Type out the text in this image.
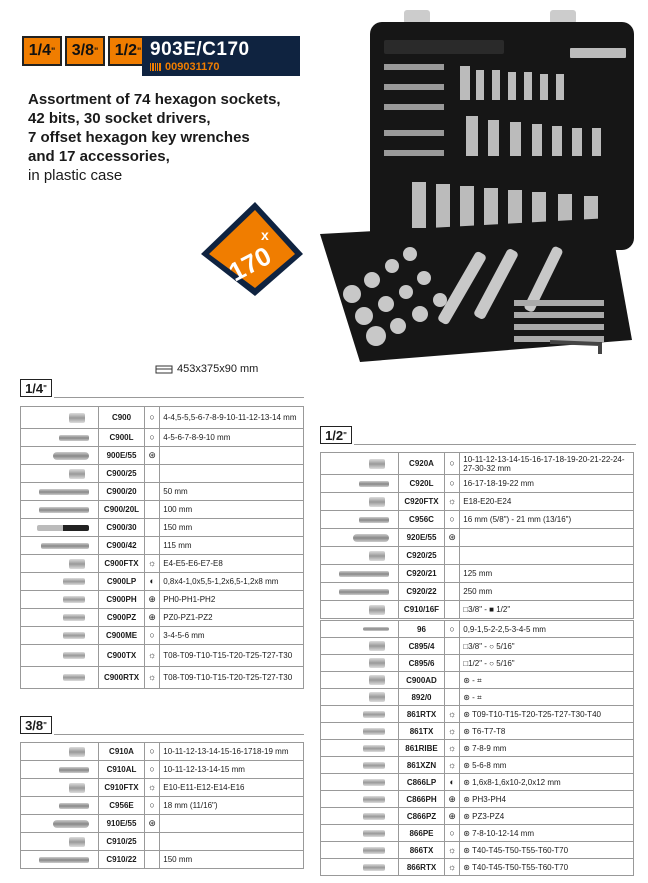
1/4 " 3/8 " 1/2 " 903E/C170
009031170
Assortment of 74 hexagon sockets,
42 bits, 30 socket drivers,
7 offset hexagon key wrenches
and 17 accessories,
in plastic case
x
170
453x375x90 mm
1/4 "
3/8 "
1/2 "
	C900	○	4-4,5-5,5-6-7-8-9-10-11-12-13-14 mm

	C900L	○	4-5-6-7-8-9-10 mm

	900E/55	⊛	

	C900/25		

	C900/20		50 mm

	C900/20L		100 mm

	C900/30		150 mm

	C900/42		115 mm

	C900FTX	☼	E4-E5-E6-E7-E8

	C900LP	◐	0,8x4-1,0x5,5-1,2x6,5-1,2x8 mm

	C900PH	⊕	PH0-PH1-PH2

	C900PZ	⊕	PZ0-PZ1-PZ2

	C900ME	○	3-4-5-6 mm

	C900TX	☼	T08-T09-T10-T15-T20-T25-T27-T30

	C900RTX	☼	T08-T09-T10-T15-T20-T25-T27-T30
	C910A	○	10-11-12-13-14-15-16-1718-19 mm

	C910AL	○	10-11-12-13-14-15 mm

	C910FTX	☼	E10-E11-E12-E14-E16

	C956E	○	18 mm (11/16")

	910E/55	⊛	

	C910/25		

	C910/22		150 mm
	C920A	○	10-11-12-13-14-15-16-17-18-19-20-21-22-24-27-30-32 mm

	C920L	○	16-17-18-19-22 mm

	C920FTX	☼	E18-E20-E24

	C956C	○	16 mm (5/8") - 21 mm (13/16")

	920E/55	⊛	

	C920/25		

	C920/21		125 mm

	C920/22		250 mm

	C910/16F		□3/8" - ■ 1/2"
	96	○	0,9-1,5-2-2,5-3-4-5 mm

	C895/4		□3/8" - ○ 5/16"

	C895/6		□1/2" - ○ 5/16"

	C900AD		⊛ - ⌗

	892/0		⊛ - ⌗

	861RTX	☼	⊛ T09-T10-T15-T20-T25-T27-T30-T40

	861TX	☼	⊛ T6-T7-T8

	861RIBE	☼	⊛ 7-8-9 mm

	861XZN	☼	⊛ 5-6-8 mm

	C866LP	◐	⊛ 1,6x8-1,6x10-2,0x12 mm

	C866PH	⊕	⊛ PH3-PH4

	C866PZ	⊕	⊛ PZ3-PZ4

	866PE	○	⊛ 7-8-10-12-14 mm

	866TX	☼	⊛ T40-T45-T50-T55-T60-T70

	866RTX	☼	⊛ T40-T45-T50-T55-T60-T70
